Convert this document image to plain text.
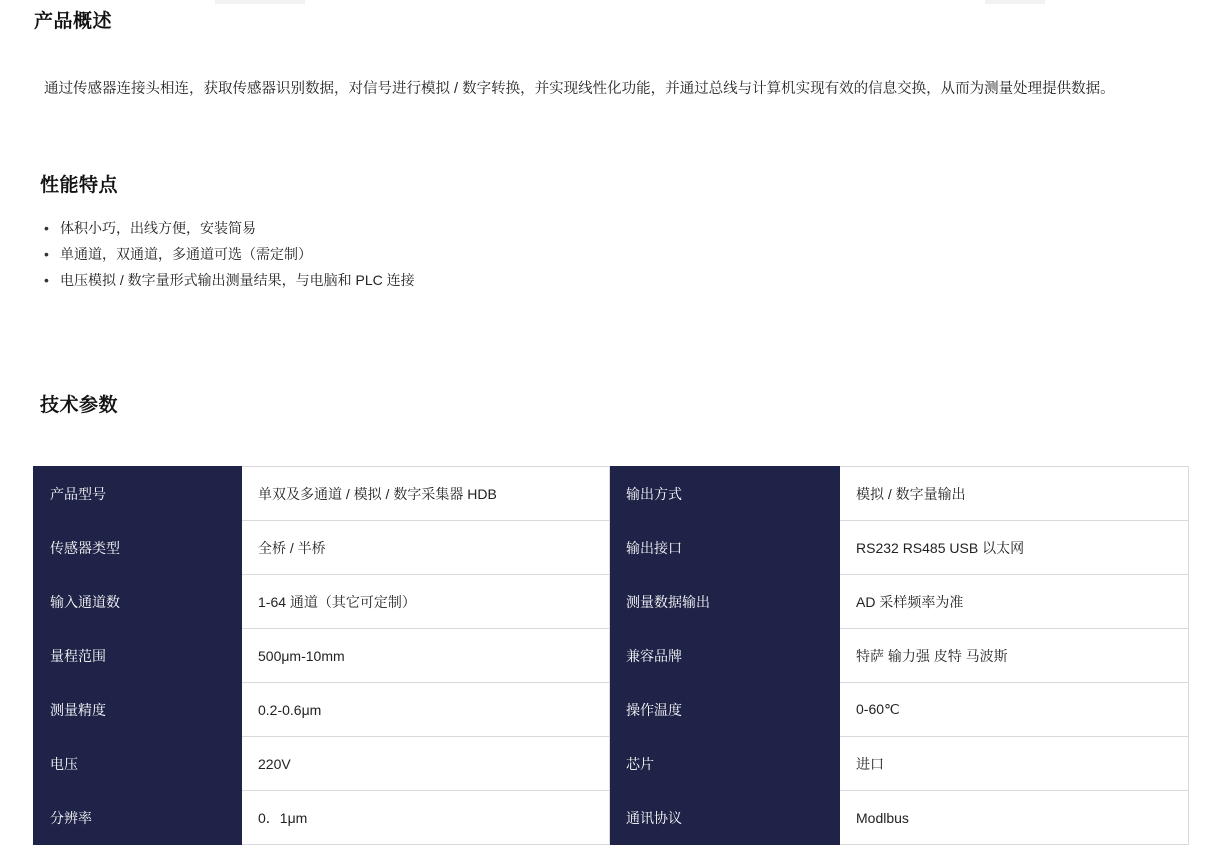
产品概述

通过传感器连接头相连，获取传感器识别数据，对信号进行模拟 / 数字转换，并实现线性化功能，并通过总线与计算机实现有效的信息交换，从而为测量处理提供数据。

性能特点
• 体积小巧，出线方便，安装简易
• 单通道，双通道，多通道可选（需定制）
• 电压模拟 / 数字量形式输出测量结果，与电脑和 PLC 连接
技术参数
产品型号	单双及多通道 / 模拟 / 数字采集器 HDB	输出方式	模拟 / 数字量输出
传感器类型	全桥 / 半桥	输出接口	RS232 RS485 USB 以太网
输入通道数	1-64 通道（其它可定制）	测量数据输出	AD 采样频率为准
量程范围	500μm-10mm	兼容品牌	特萨 输力强 皮特 马波斯
测量精度	0.2-0.6μm	操作温度	0-60℃
电压	220V	芯片	进口
分辨率	0．1μm	通讯协议	Modlbus
